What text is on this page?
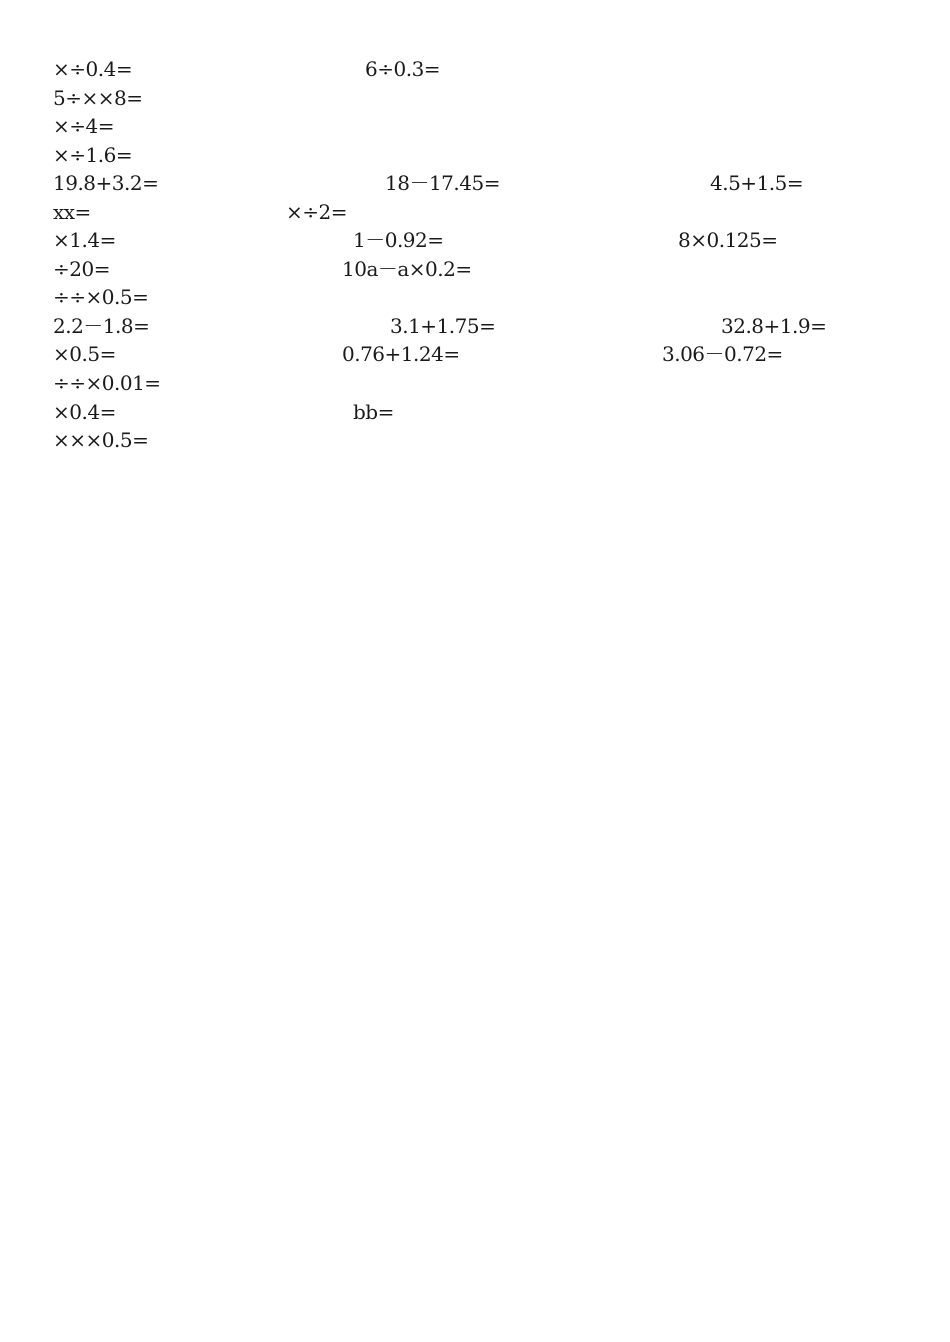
×÷0.4=	6÷0.3=
5÷××8=
×÷4=
×÷1.6=
19.8+3.2=	18－17.45=	4.5+1.5=
xx=	×÷2=
×1.4=	1－0.92=	8×0.125=
÷20=	10a－a×0.2=
÷÷×0.5=
2.2－1.8=	3.1+1.75=	32.8+1.9=
×0.5=	0.76+1.24=	3.06－0.72=
÷÷×0.01=
×0.4=	bb=
×××0.5=
